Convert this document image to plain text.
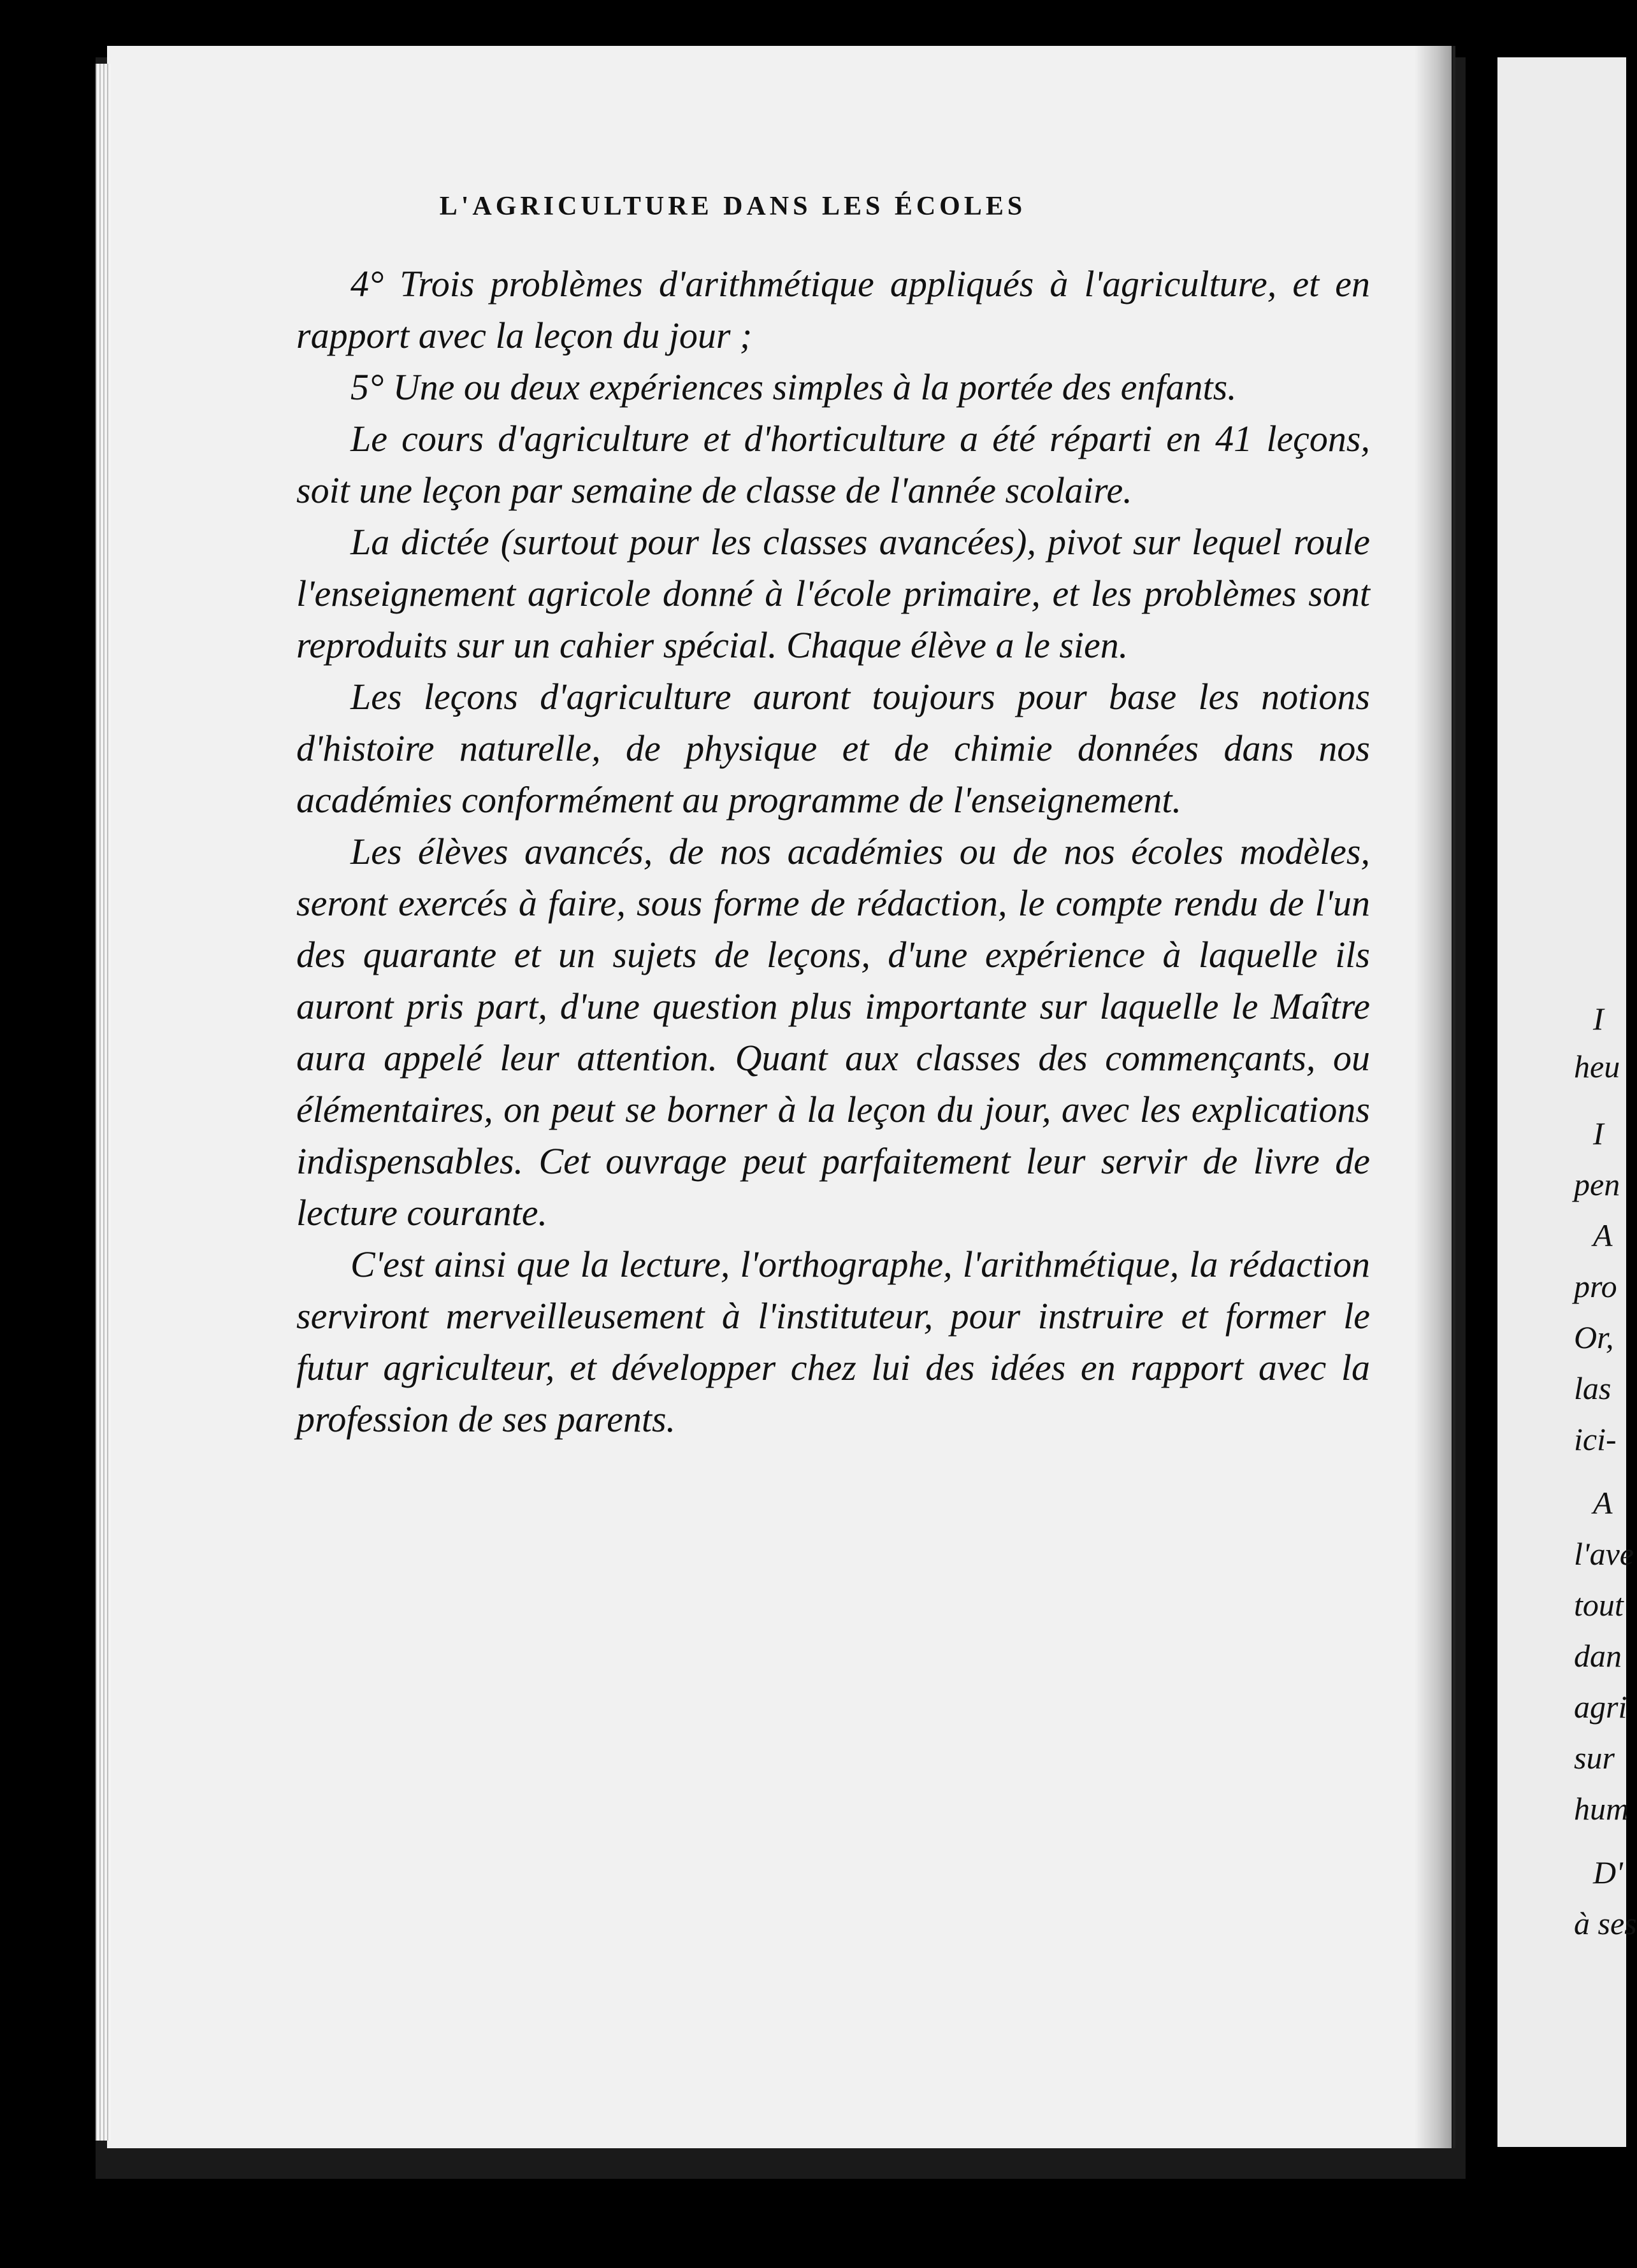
L'AGRICULTURE DANS LES ÉCOLES

4° Trois problèmes d'arithmétique appliqués à l'agriculture, et en rapport avec la leçon du jour ;

5° Une ou deux expériences simples à la portée des enfants.

Le cours d'agriculture et d'horticulture a été réparti en 41 leçons, soit une leçon par semaine de classe de l'année scolaire.

La dictée (surtout pour les classes avancées), pivot sur lequel roule l'enseignement agricole donné à l'école primaire, et les problèmes sont reproduits sur un cahier spécial. Chaque élève a le sien.

Les leçons d'agriculture auront toujours pour base les notions d'histoire naturelle, de physique et de chimie données dans nos académies conformément au programme de l'enseignement.

Les élèves avancés, de nos académies ou de nos écoles modèles, seront exercés à faire, sous forme de rédaction, le compte rendu de l'un des quarante et un sujets de leçons, d'une expérience à laquelle ils auront pris part, d'une question plus importante sur laquelle le Maître aura appelé leur attention. Quant aux classes des commençants, ou élémentaires, on peut se borner à la leçon du jour, avec les explications indispensables. Cet ouvrage peut parfaitement leur servir de livre de lecture courante.

C'est ainsi que la lecture, l'orthographe, l'arithmétique, la rédaction serviront merveilleusement à l'instituteur, pour instruire et former le futur agriculteur, et développer chez lui des idées en rapport avec la profession de ses parents.

I
heu
I
pen
A
pro
Or,
las
ici-
A
l'ave
tout
dan
agri
sur
hum
D'
à ses
